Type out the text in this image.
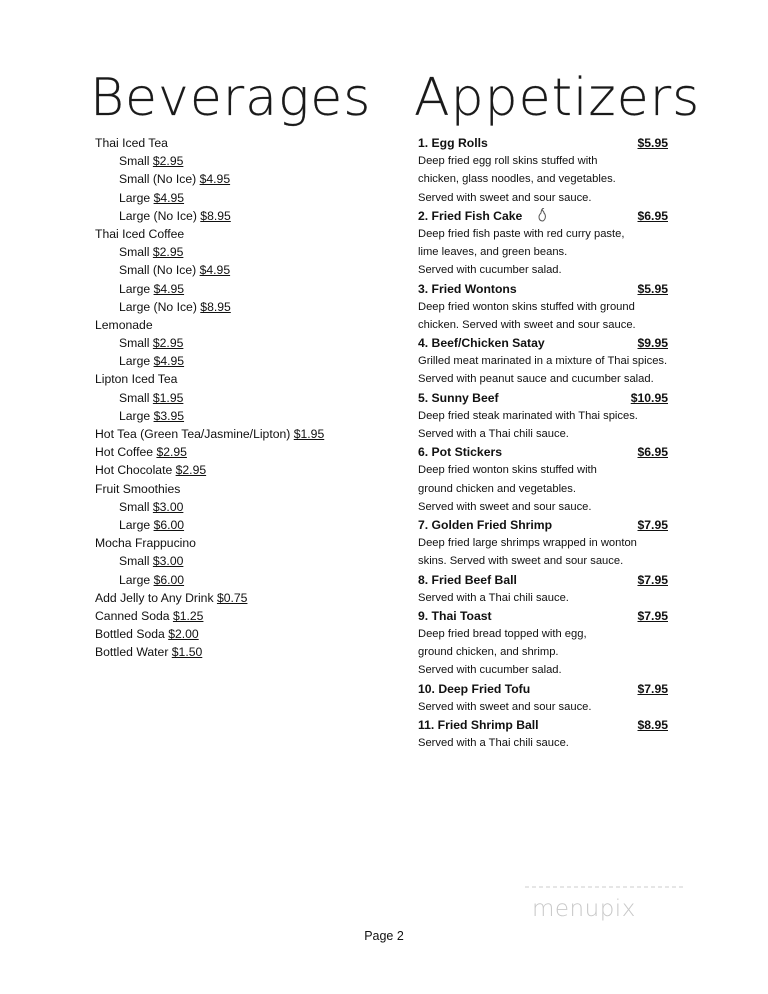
Beverages Appetizers
Thai Iced Tea
Small $2.95
Small (No Ice) $4.95
Large $4.95
Large (No Ice) $8.95
Thai Iced Coffee
Small $2.95
Small (No Ice) $4.95
Large $4.95
Large (No Ice) $8.95
Lemonade
Small $2.95
Large $4.95
Lipton Iced Tea
Small $1.95
Large $3.95
Hot Tea (Green Tea/Jasmine/Lipton) $1.95
Hot Coffee $2.95
Hot Chocolate $2.95
Fruit Smoothies
Small $3.00
Large $6.00
Mocha Frappucino
Small $3.00
Large $6.00
Add Jelly to Any Drink $0.75
Canned Soda $1.25
Bottled Soda $2.00
Bottled Water $1.50
1. Egg Rolls	$5.95
Deep fried egg roll skins stuffed with
chicken, glass noodles, and vegetables.
Served with sweet and sour sauce.
2. Fried Fish Cake	$6.95
Deep fried fish paste with red curry paste,
lime leaves, and green beans.
Served with cucumber salad.
3. Fried Wontons	$5.95
Deep fried wonton skins stuffed with ground
chicken. Served with sweet and sour sauce.
4. Beef/Chicken Satay	$9.95
Grilled meat marinated in a mixture of Thai spices.
Served with peanut sauce and cucumber salad.
5. Sunny Beef	$10.95
Deep fried steak marinated with Thai spices.
Served with a Thai chili sauce.
6. Pot Stickers	$6.95
Deep fried wonton skins stuffed with
ground chicken and vegetables.
Served with sweet and sour sauce.
7. Golden Fried Shrimp	$7.95
Deep fried large shrimps wrapped in wonton
skins. Served with sweet and sour sauce.
8. Fried Beef Ball	$7.95
Served with a Thai chili sauce.
9. Thai Toast	$7.95
Deep fried bread topped with egg,
ground chicken, and shrimp.
Served with cucumber salad.
10. Deep Fried Tofu	$7.95
Served with sweet and sour sauce.
11. Fried Shrimp Ball	$8.95
Served with a Thai chili sauce.
menupix
Page 2
